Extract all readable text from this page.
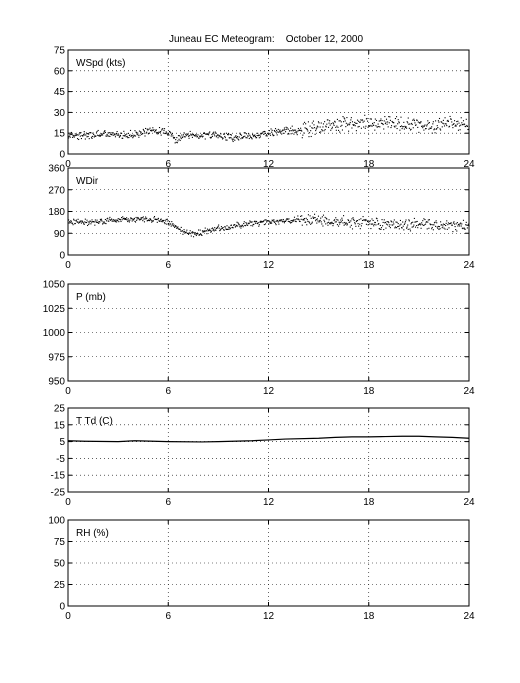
Juneau EC Meteogram:    October 12, 2000
0	6	12	18	24
0
15
30
45
60
75
WSpd (kts)
0	6	12	18	24
0
90
180
270
360
WDir
0	6	12	18	24
950
975
1000
1025
1050
P (mb)
0	6	12	18	24
-25
-15
-5
5
15
25
T Td (C)
0	6	12	18	24
0
25
50
75
100
RH (%)
